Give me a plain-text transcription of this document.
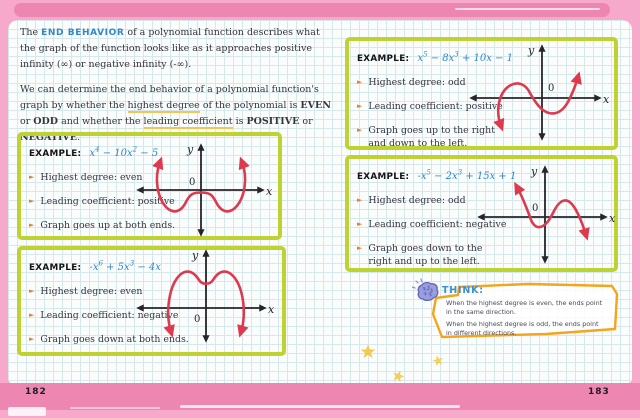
The END BEHAVIOR of a polynomial function describes what the graph of the function looks like as it approaches positive infinity (∞) or negative infinity (-∞).

We can determine the end behavior of a polynomial function's graph by whether the highest degree of the polynomial is EVEN or ODD and whether the leading coefficient is POSITIVE or NEGATIVE.

EXAMPLE: $x^4 - 10x^2 - 5$
► Highest degree: even
► Leading coefficient: positive
► Graph goes up at both ends.
y
0
x
EXAMPLE: $-x^6 + 5x^3 - 4x$
► Highest degree: even
► Leading coefficient: negative
► Graph goes down at both ends.
y
0
x
EXAMPLE: $x^5 - 8x^3 + 10x - 1$
► Highest degree: odd
► Leading coefficient: positive
► Graph goes up to the right and down to the left.
y
0
x
EXAMPLE: $-x^5 - 2x^3 + 15x + 1$
► Highest degree: odd
► Leading coefficient: negative
► Graph goes down to the right and up to the left.
y
0
x
THINK:

When the highest degree is even, the ends point in the same direction.

When the highest degree is odd, the ends point in different directions.

182	183
